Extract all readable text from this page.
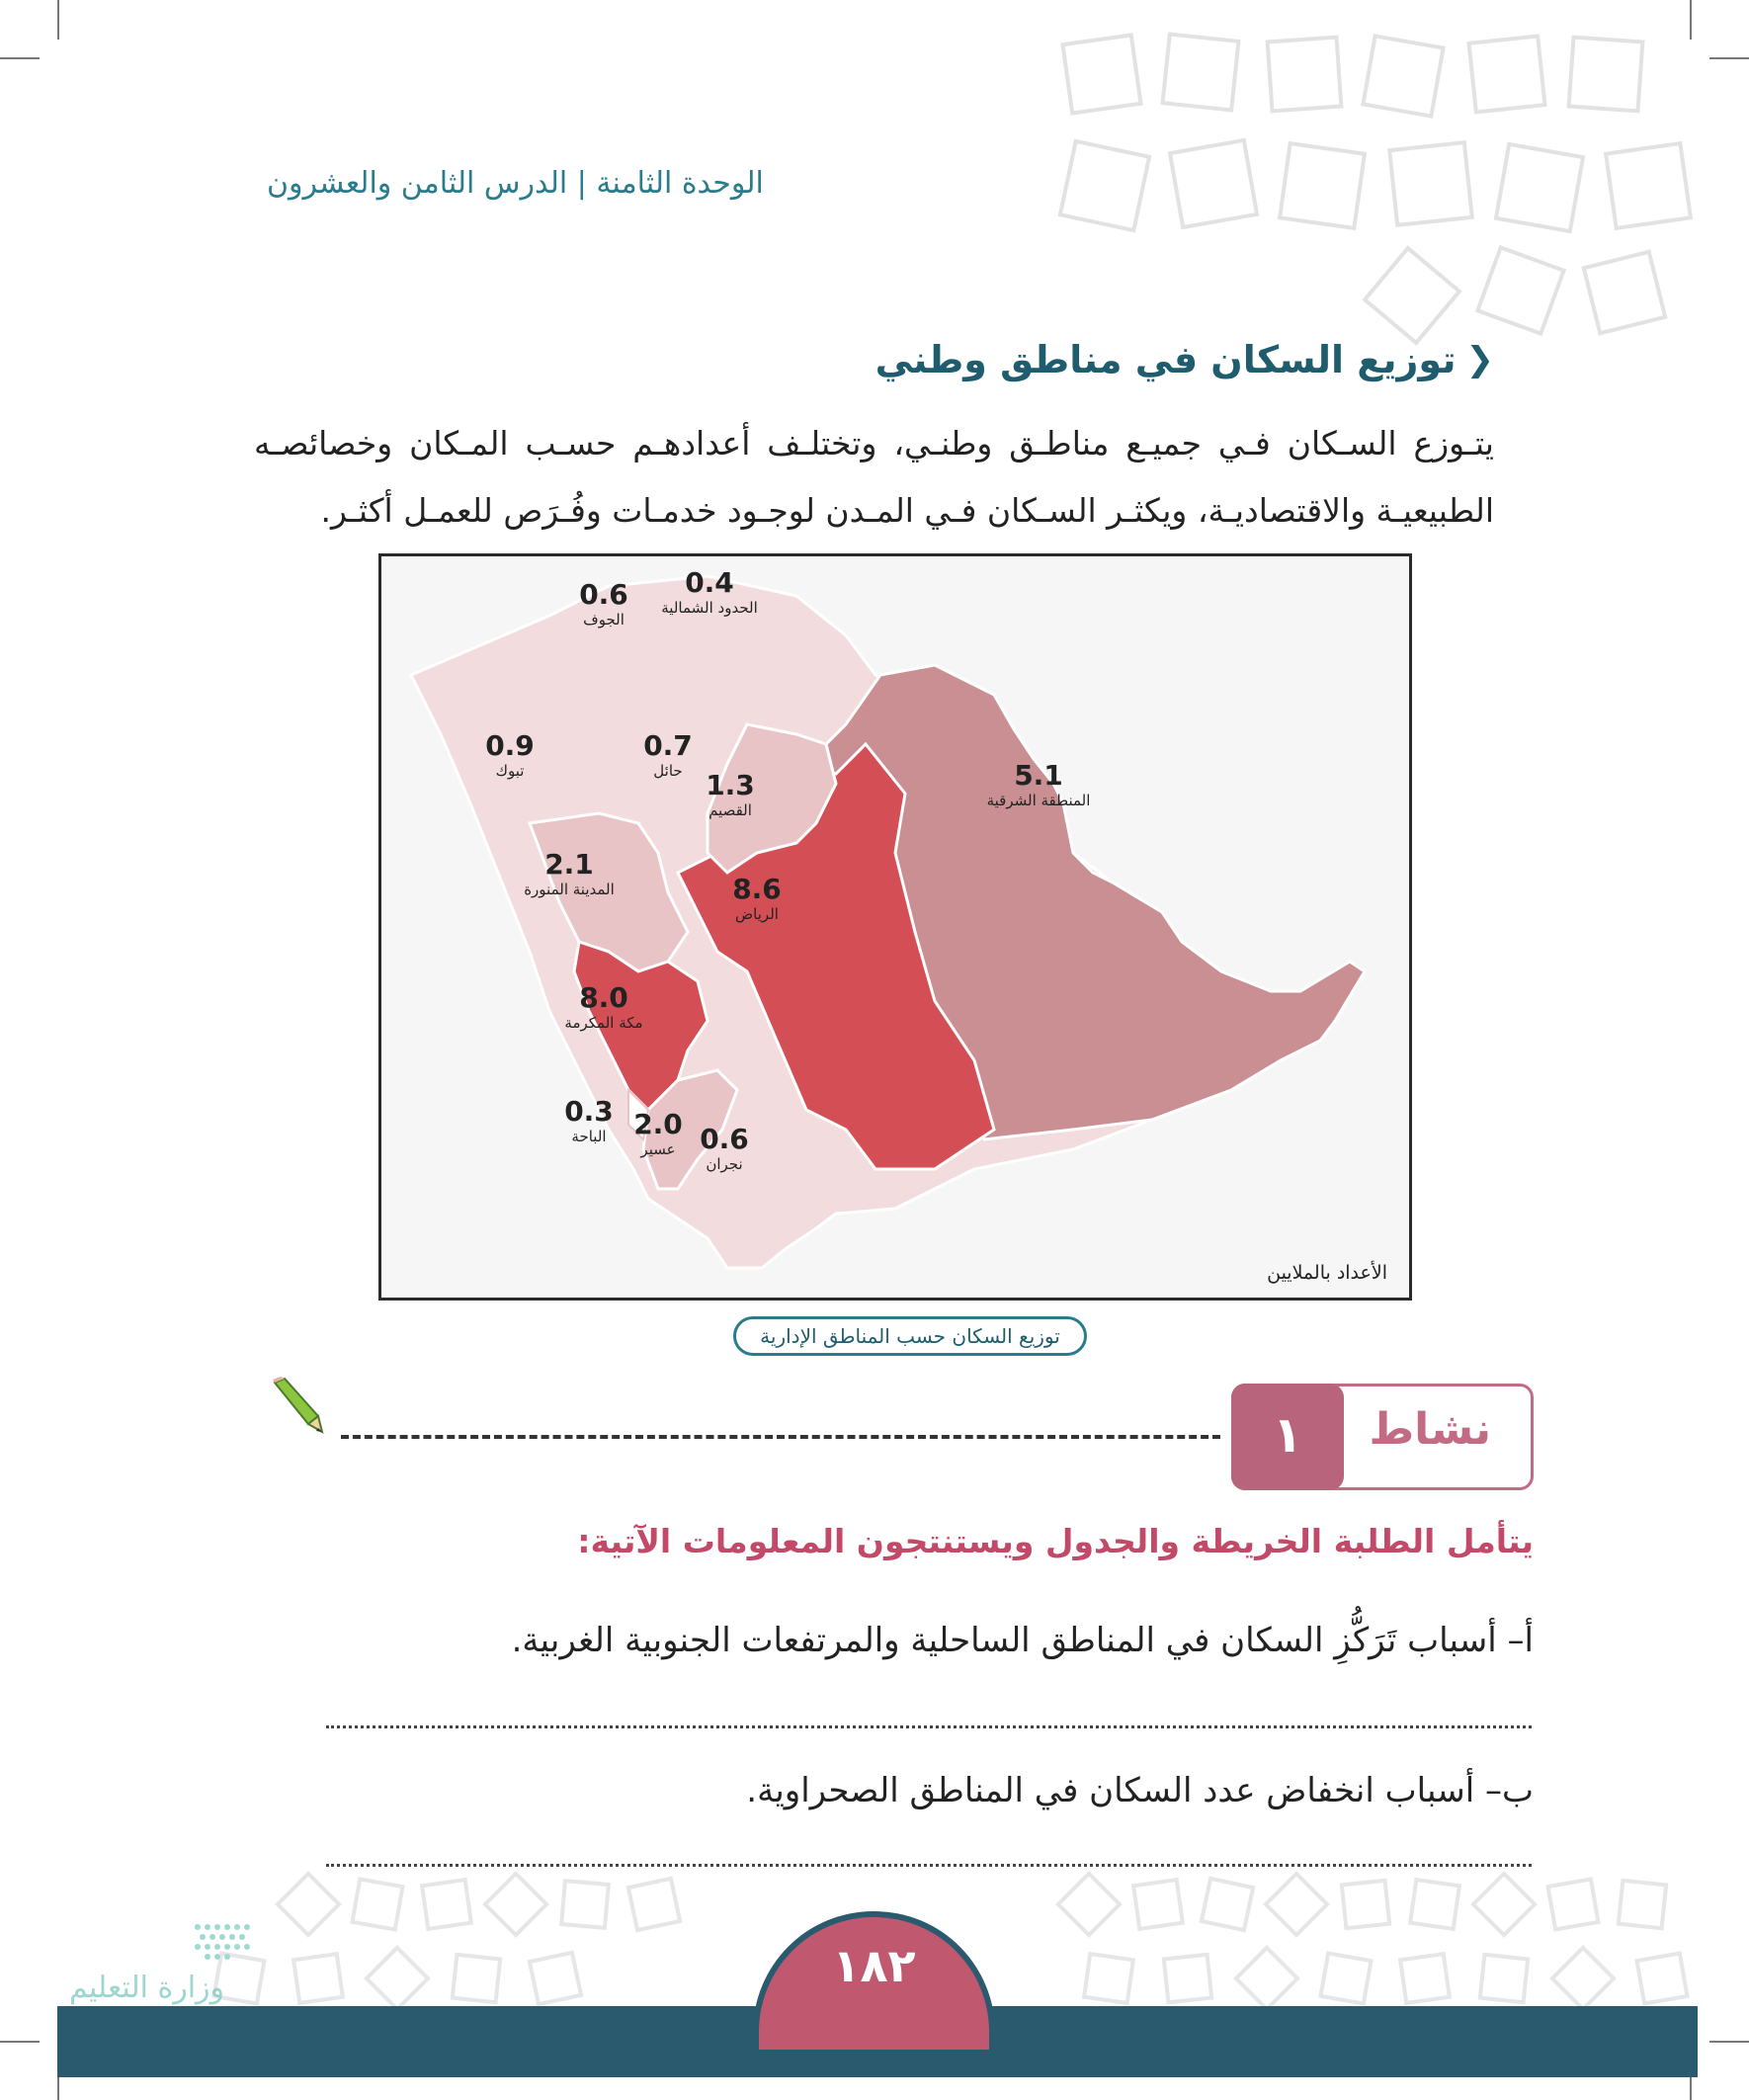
الوحدة الثامنة | الدرس الثامن والعشرون
❮
توزيع السكان في مناطق وطني
يتـوزع السـكان فـي جميـع مناطـق وطنـي، وتختلـف أعدادهـم حسـب المـكان وخصائصـه الطبيعيـة والاقتصاديـة، ويكثـر السـكان فـي المـدن لوجـود خدمـات وفُـرَص للعمـل أكثـر.
0.6
الجوف
0.4
الحدود الشمالية
0.9
تبوك
0.7
حائل 1.3
القصيم
5.1
المنطقة الشرقية
2.1
المدينة المنورة	8.6
الرياض
8.0
مكة المكرمة
0.3
الباحة 2.0
عسير 0.6
نجران
الأعداد بالملايين
توزيع السكان حسب المناطق الإدارية
نشاط
١
يتأمل الطلبة الخريطة والجدول ويستنتجون المعلومات الآتية:
أ– أسباب تَرَكُّزِ السكان في المناطق الساحلية والمرتفعات الجنوبية الغربية.
ب– أسباب انخفاض عدد السكان في المناطق الصحراوية.
وزارة التعليم	١٨٢
